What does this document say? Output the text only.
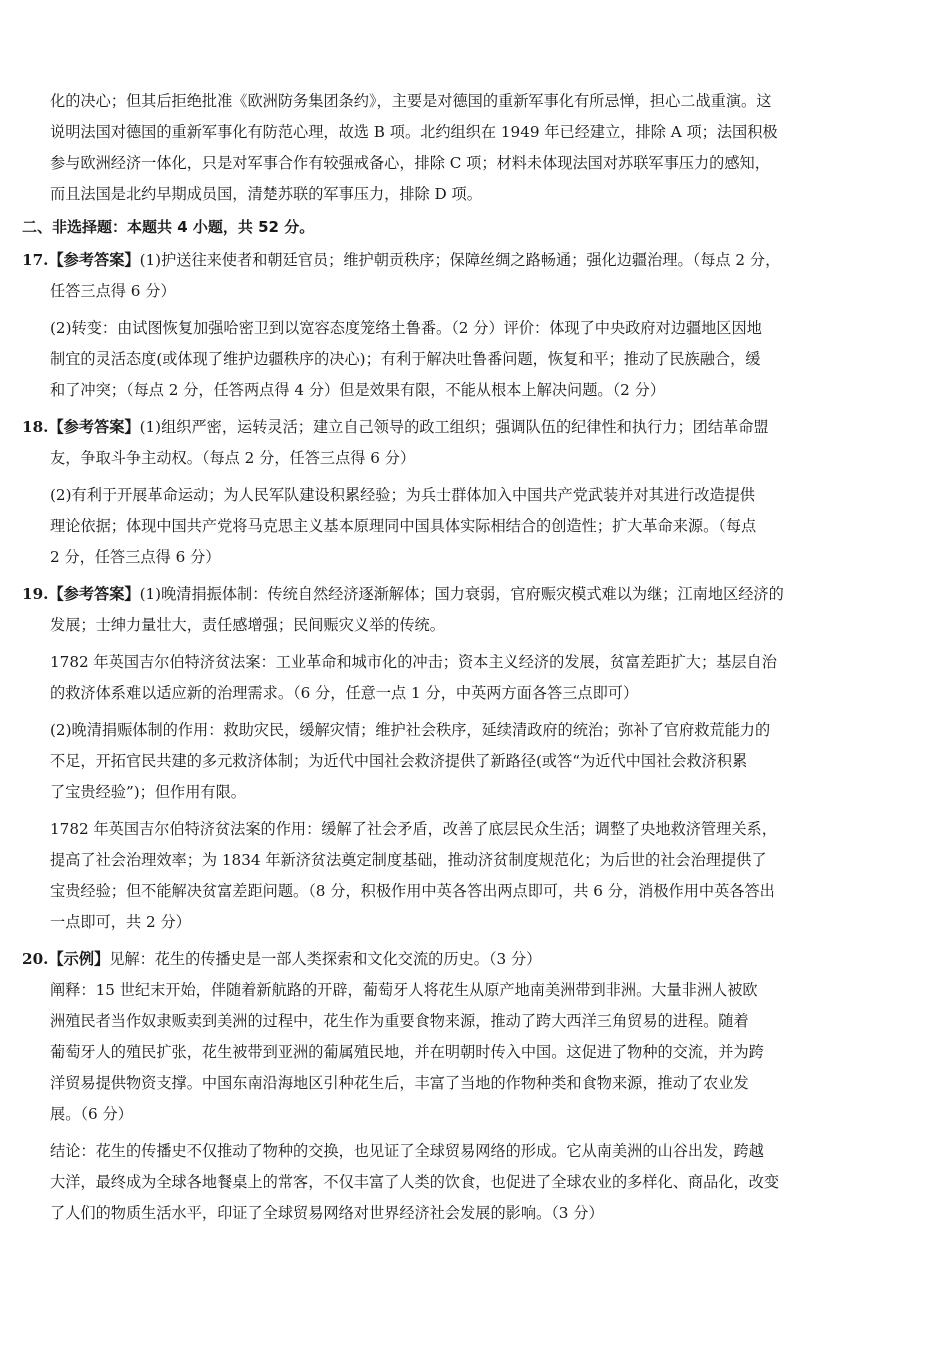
化的决心；但其后拒绝批准《欧洲防务集团条约》，主要是对德国的重新军事化有所忌惮，担心二战重演。这
说明法国对德国的重新军事化有防范心理，故选 B 项。北约组织在 1949 年已经建立，排除 A 项；法国积极
参与欧洲经济一体化，只是对军事合作有较强戒备心，排除 C 项；材料未体现法国对苏联军事压力的感知，
而且法国是北约早期成员国，清楚苏联的军事压力，排除 D 项。
二、非选择题：本题共 4 小题，共 52 分。
17.【参考答案】(1)护送往来使者和朝廷官员；维护朝贡秩序；保障丝绸之路畅通；强化边疆治理。（每点 2 分，
任答三点得 6 分）
(2)转变：由试图恢复加强哈密卫到以宽容态度笼络土鲁番。（2 分）评价：体现了中央政府对边疆地区因地
制宜的灵活态度(或体现了维护边疆秩序的决心)；有利于解决吐鲁番问题，恢复和平；推动了民族融合，缓
和了冲突；（每点 2 分，任答两点得 4 分）但是效果有限，不能从根本上解决问题。（2 分）
18.【参考答案】(1)组织严密，运转灵活；建立自己领导的政工组织；强调队伍的纪律性和执行力；团结革命盟
友，争取斗争主动权。（每点 2 分，任答三点得 6 分）
(2)有利于开展革命运动；为人民军队建设积累经验；为兵士群体加入中国共产党武装并对其进行改造提供
理论依据；体现中国共产党将马克思主义基本原理同中国具体实际相结合的创造性；扩大革命来源。（每点
2 分，任答三点得 6 分）
19.【参考答案】(1)晚清捐振体制：传统自然经济逐渐解体；国力衰弱，官府赈灾模式难以为继；江南地区经济的
发展；士绅力量壮大，责任感增强；民间赈灾义举的传统。
1782 年英国吉尔伯特济贫法案：工业革命和城市化的冲击；资本主义经济的发展，贫富差距扩大；基层自治
的救济体系难以适应新的治理需求。（6 分，任意一点 1 分，中英两方面各答三点即可）
(2)晚清捐赈体制的作用：救助灾民，缓解灾情；维护社会秩序，延续清政府的统治；弥补了官府救荒能力的
不足，开拓官民共建的多元救济体制；为近代中国社会救济提供了新路径(或答“为近代中国社会救济积累
了宝贵经验”)；但作用有限。
1782 年英国吉尔伯特济贫法案的作用：缓解了社会矛盾，改善了底层民众生活；调整了央地救济管理关系，
提高了社会治理效率；为 1834 年新济贫法奠定制度基础，推动济贫制度规范化；为后世的社会治理提供了
宝贵经验；但不能解决贫富差距问题。（8 分，积极作用中英各答出两点即可，共 6 分，消极作用中英各答出
一点即可，共 2 分）
20.【示例】见解：花生的传播史是一部人类探索和文化交流的历史。（3 分）
阐释：15 世纪末开始，伴随着新航路的开辟，葡萄牙人将花生从原产地南美洲带到非洲。大量非洲人被欧
洲殖民者当作奴隶贩卖到美洲的过程中，花生作为重要食物来源，推动了跨大西洋三角贸易的进程。随着
葡萄牙人的殖民扩张，花生被带到亚洲的葡属殖民地，并在明朝时传入中国。这促进了物种的交流，并为跨
洋贸易提供物资支撑。中国东南沿海地区引种花生后，丰富了当地的作物种类和食物来源，推动了农业发
展。（6 分）
结论：花生的传播史不仅推动了物种的交换，也见证了全球贸易网络的形成。它从南美洲的山谷出发，跨越
大洋，最终成为全球各地餐桌上的常客，不仅丰富了人类的饮食，也促进了全球农业的多样化、商品化，改变
了人们的物质生活水平，印证了全球贸易网络对世界经济社会发展的影响。（3 分）
